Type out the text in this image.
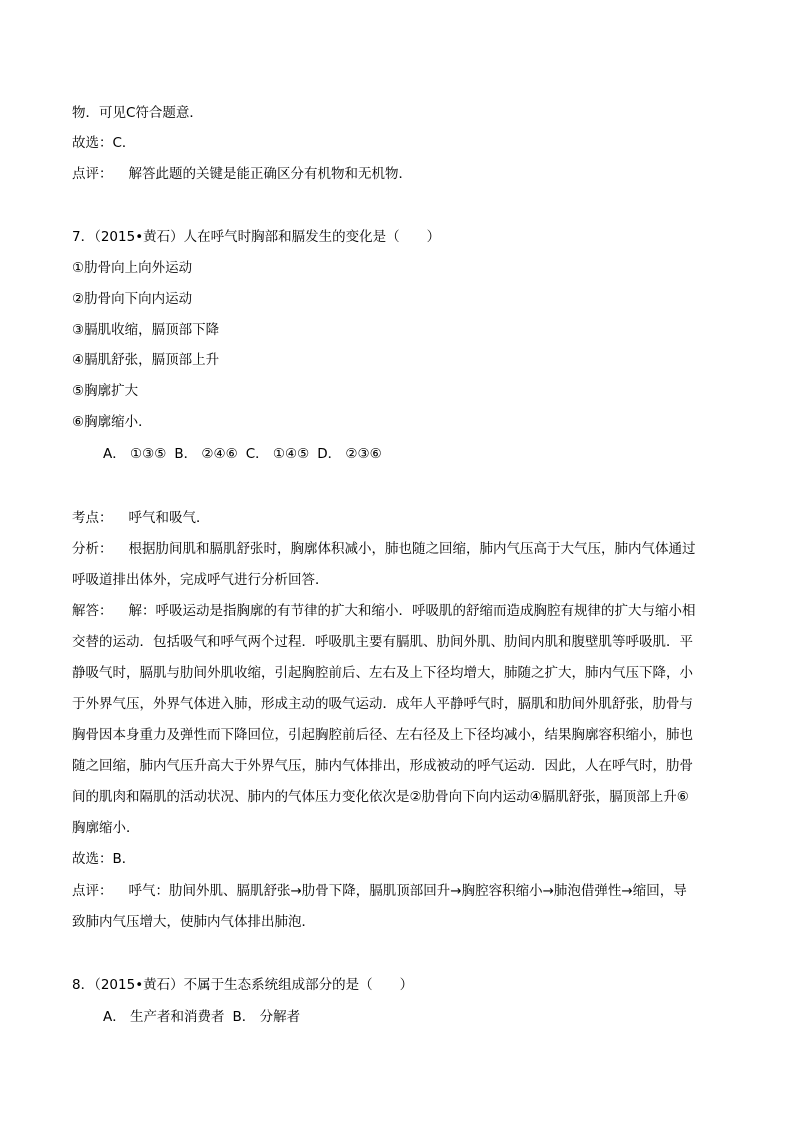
物．可见C符合题意．
故选：C．
点评： 解答此题的关键是能正确区分有机物和无机物．
7．（2015•黄石）人在呼气时胸部和膈发生的变化是（　　）
①肋骨向上向外运动
②肋骨向下向内运动
③膈肌收缩，膈顶部下降
④膈肌舒张，膈顶部上升
⑤胸廓扩大
⑥胸廓缩小．
A． ①③⑤ B． ②④⑥ C． ①④⑤ D． ②③⑥
考点： 呼气和吸气．
分析： 根据肋间肌和膈肌舒张时，胸廓体积减小，肺也随之回缩，肺内气压高于大气压，肺内气体通过
呼吸道排出体外，完成呼气进行分析回答．
解答： 解：呼吸运动是指胸廓的有节律的扩大和缩小．呼吸肌的舒缩而造成胸腔有规律的扩大与缩小相
交替的运动．包括吸气和呼气两个过程．呼吸肌主要有膈肌、肋间外肌、肋间内肌和腹壁肌等呼吸肌．平
静吸气时，膈肌与肋间外肌收缩，引起胸腔前后、左右及上下径均增大，肺随之扩大，肺内气压下降，小
于外界气压，外界气体进入肺，形成主动的吸气运动．成年人平静呼气时，膈肌和肋间外肌舒张，肋骨与
胸骨因本身重力及弹性而下降回位，引起胸腔前后径、左右径及上下径均减小，结果胸廓容积缩小，肺也
随之回缩，肺内气压升高大于外界气压，肺内气体排出，形成被动的呼气运动．因此，人在呼气时，肋骨
间的肌肉和隔肌的活动状况、肺内的气体压力变化依次是②肋骨向下向内运动④膈肌舒张，膈顶部上升⑥
胸廓缩小．
故选：B．
点评： 呼气：肋间外肌、膈肌舒张→肋骨下降，膈肌顶部回升→胸腔容积缩小→肺泡借弹性→缩回，导
致肺内气压增大，使肺内气体排出肺泡．
8．（2015•黄石）不属于生态系统组成部分的是（　　）
A． 生产者和消费者 B． 分解者
